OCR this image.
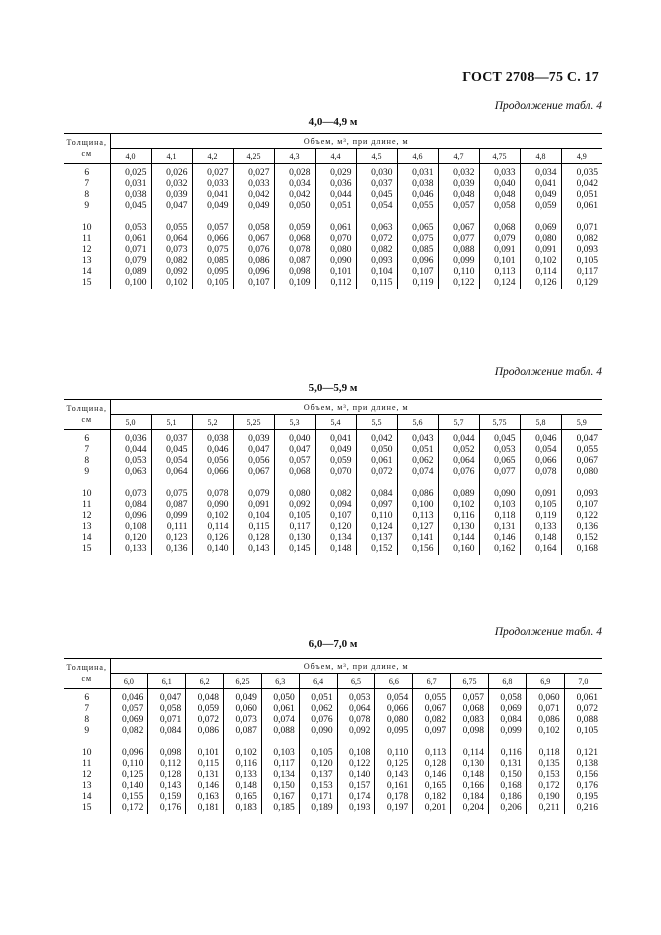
ГОСТ 2708—75 С. 17
Продолжение табл. 4
4,0—4,9 м
Толщина,
см	Объем, м³, при длине, м											
	4,0	4,1	4,2	4,25	4,3	4,4	4,5	4,6	4,7	4,75	4,8	4,9
6	0,025	0,026	0,027	0,027	0,028	0,029	0,030	0,031	0,032	0,033	0,034	0,035
7	0,031	0,032	0,033	0,033	0,034	0,036	0,037	0,038	0,039	0,040	0,041	0,042
8	0,038	0,039	0,041	0,042	0,042	0,044	0,045	0,046	0,048	0,048	0,049	0,051
9	0,045	0,047	0,049	0,049	0,050	0,051	0,054	0,055	0,057	0,058	0,059	0,061
10	0,053	0,055	0,057	0,058	0,059	0,061	0,063	0,065	0,067	0,068	0,069	0,071
11	0,061	0,064	0,066	0,067	0,068	0,070	0,072	0,075	0,077	0,079	0,080	0,082
12	0,071	0,073	0,075	0,076	0,078	0,080	0,082	0,085	0,088	0,091	0,091	0,093
13	0,079	0,082	0,085	0,086	0,087	0,090	0,093	0,096	0,099	0,101	0,102	0,105
14	0,089	0,092	0,095	0,096	0,098	0,101	0,104	0,107	0,110	0,113	0,114	0,117
15	0,100	0,102	0,105	0,107	0,109	0,112	0,115	0,119	0,122	0,124	0,126	0,129
Продолжение табл. 4
5,0—5,9 м
Толщина,
см	Объем, м³, при длине, м											
	5,0	5,1	5,2	5,25	5,3	5,4	5,5	5,6	5,7	5,75	5,8	5,9
6	0,036	0,037	0,038	0,039	0,040	0,041	0,042	0,043	0,044	0,045	0,046	0,047
7	0,044	0,045	0,046	0,047	0,047	0,049	0,050	0,051	0,052	0,053	0,054	0,055
8	0,053	0,054	0,056	0,056	0,057	0,059	0,061	0,062	0,064	0,065	0,066	0,067
9	0,063	0,064	0,066	0,067	0,068	0,070	0,072	0,074	0,076	0,077	0,078	0,080
10	0,073	0,075	0,078	0,079	0,080	0,082	0,084	0,086	0,089	0,090	0,091	0,093
11	0,084	0,087	0,090	0,091	0,092	0,094	0,097	0,100	0,102	0,103	0,105	0,107
12	0,096	0,099	0,102	0,104	0,105	0,107	0,110	0,113	0,116	0,118	0,119	0,122
13	0,108	0,111	0,114	0,115	0,117	0,120	0,124	0,127	0,130	0,131	0,133	0,136
14	0,120	0,123	0,126	0,128	0,130	0,134	0,137	0,141	0,144	0,146	0,148	0,152
15	0,133	0,136	0,140	0,143	0,145	0,148	0,152	0,156	0,160	0,162	0,164	0,168
Продолжение табл. 4
6,0—7,0 м
Толщина,
см	Объем, м³, при длине, м												
	6,0	6,1	6,2	6,25	6,3	6,4	6,5	6,6	6,7	6,75	6,8	6,9	7,0
6	0,046	0,047	0,048	0,049	0,050	0,051	0,053	0,054	0,055	0,057	0,058	0,060	0,061
7	0,057	0,058	0,059	0,060	0,061	0,062	0,064	0,066	0,067	0,068	0,069	0,071	0,072
8	0,069	0,071	0,072	0,073	0,074	0,076	0,078	0,080	0,082	0,083	0,084	0,086	0,088
9	0,082	0,084	0,086	0,087	0,088	0,090	0,092	0,095	0,097	0,098	0,099	0,102	0,105
10	0,096	0,098	0,101	0,102	0,103	0,105	0,108	0,110	0,113	0,114	0,116	0,118	0,121
11	0,110	0,112	0,115	0,116	0,117	0,120	0,122	0,125	0,128	0,130	0,131	0,135	0,138
12	0,125	0,128	0,131	0,133	0,134	0,137	0,140	0,143	0,146	0,148	0,150	0,153	0,156
13	0,140	0,143	0,146	0,148	0,150	0,153	0,157	0,161	0,165	0,166	0,168	0,172	0,176
14	0,155	0,159	0,163	0,165	0,167	0,171	0,174	0,178	0,182	0,184	0,186	0,190	0,195
15	0,172	0,176	0,181	0,183	0,185	0,189	0,193	0,197	0,201	0,204	0,206	0,211	0,216
